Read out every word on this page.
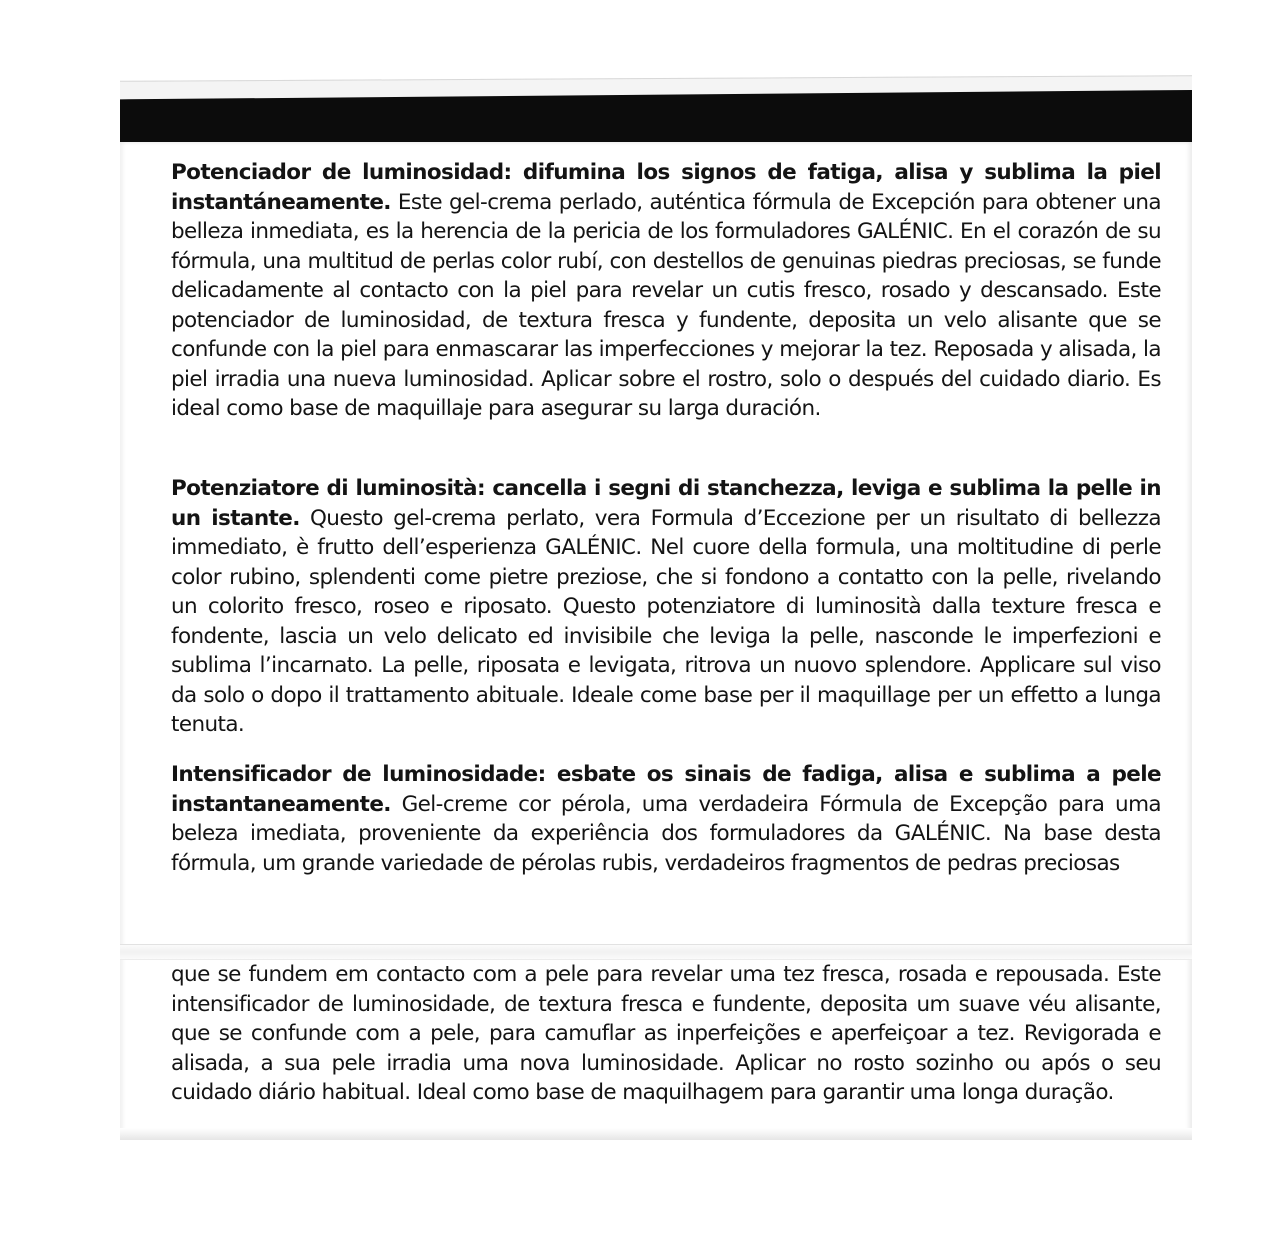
Potenciador de luminosidad: difumina los signos de fatiga, alisa y sublima la piel instantáneamente. Este gel-crema perlado, auténtica fórmula de Excepción para obtener una belleza inmediata, es la herencia de la pericia de los formuladores GALÉNIC. En el corazón de su fórmula, una multitud de perlas color rubí, con destellos de genuinas piedras preciosas, se funde delicadamente al contacto con la piel para revelar un cutis fresco, rosado y descansado. Este potenciador de luminosidad, de textura fresca y fundente, deposita un velo alisante que se confunde con la piel para enmascarar las imperfecciones y mejorar la tez. Reposada y alisada, la piel irradia una nueva luminosidad. Aplicar sobre el rostro, solo o después del cuidado diario. Es ideal como base de maquillaje para asegurar su larga duración.

Potenziatore di luminosità: cancella i segni di stanchezza, leviga e sublima la pelle in un istante. Questo gel-crema perlato, vera Formula d’Eccezione per un risultato di bellezza immediato, è frutto dell’esperienza GALÉNIC. Nel cuore della formula, una moltitudine di perle color rubino, splendenti come pietre preziose, che si fondono a contatto con la pelle, rivelando un colorito fresco, roseo e riposato. Questo potenziatore di luminosità dalla texture fresca e fondente, lascia un velo delicato ed invisibile che leviga la pelle, nasconde le imperfezioni e sublima l’incarnato. La pelle, riposata e levigata, ritrova un nuovo splendore. Applicare sul viso da solo o dopo il trattamento abituale. Ideale come base per il maquillage per un effetto a lunga tenuta.

Intensificador de luminosidade: esbate os sinais de fadiga, alisa e sublima a pele instantaneamente. Gel-creme cor pérola, uma verdadeira Fórmula de Excepção para uma beleza imediata, proveniente da experiência dos formuladores da GALÉNIC. Na base desta fórmula, um grande variedade de pérolas rubis, verdadeiros fragmentos de pedras preciosas

que se fundem em contacto com a pele para revelar uma tez fresca, rosada e repousada. Este intensificador de luminosidade, de textura fresca e fundente, deposita um suave véu alisante, que se confunde com a pele, para camuflar as inperfeições e aperfeiçoar a tez. Revigorada e alisada, a sua pele irradia uma nova luminosidade. Aplicar no rosto sozinho ou após o seu cuidado diário habitual. Ideal como base de maquilhagem para garantir uma longa duração.
